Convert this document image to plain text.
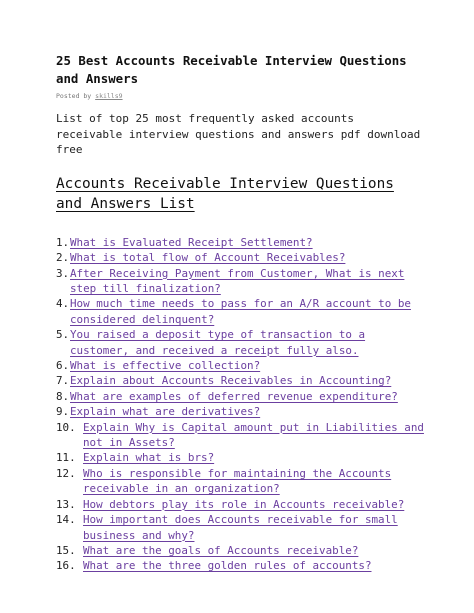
25 Best Accounts Receivable Interview Questions and Answers
Posted by skills9

List of top 25 most frequently asked accounts receivable interview questions and answers pdf download free

Accounts Receivable Interview Questions and Answers List
1. What is Evaluated Receipt Settlement?
2. What is total flow of Account Receivables?
3. After Receiving Payment from Customer, What is next step till finalization?
4. How much time needs to pass for an A/R account to be considered delinquent?
5. You raised a deposit type of transaction to a customer, and received a receipt fully also.
6. What is effective collection?
7. Explain about Accounts Receivables in Accounting?
8. What are examples of deferred revenue expenditure?
9. Explain what are derivatives?
10. Explain Why is Capital amount put in Liabilities and not in Assets?
11. Explain what is brs?
12. Who is responsible for maintaining the Accounts receivable in an organization?
13. How debtors play its role in Accounts receivable?
14. How important does Accounts receivable for small business and why?
15. What are the goals of Accounts receivable?
16. What are the three golden rules of accounts?
